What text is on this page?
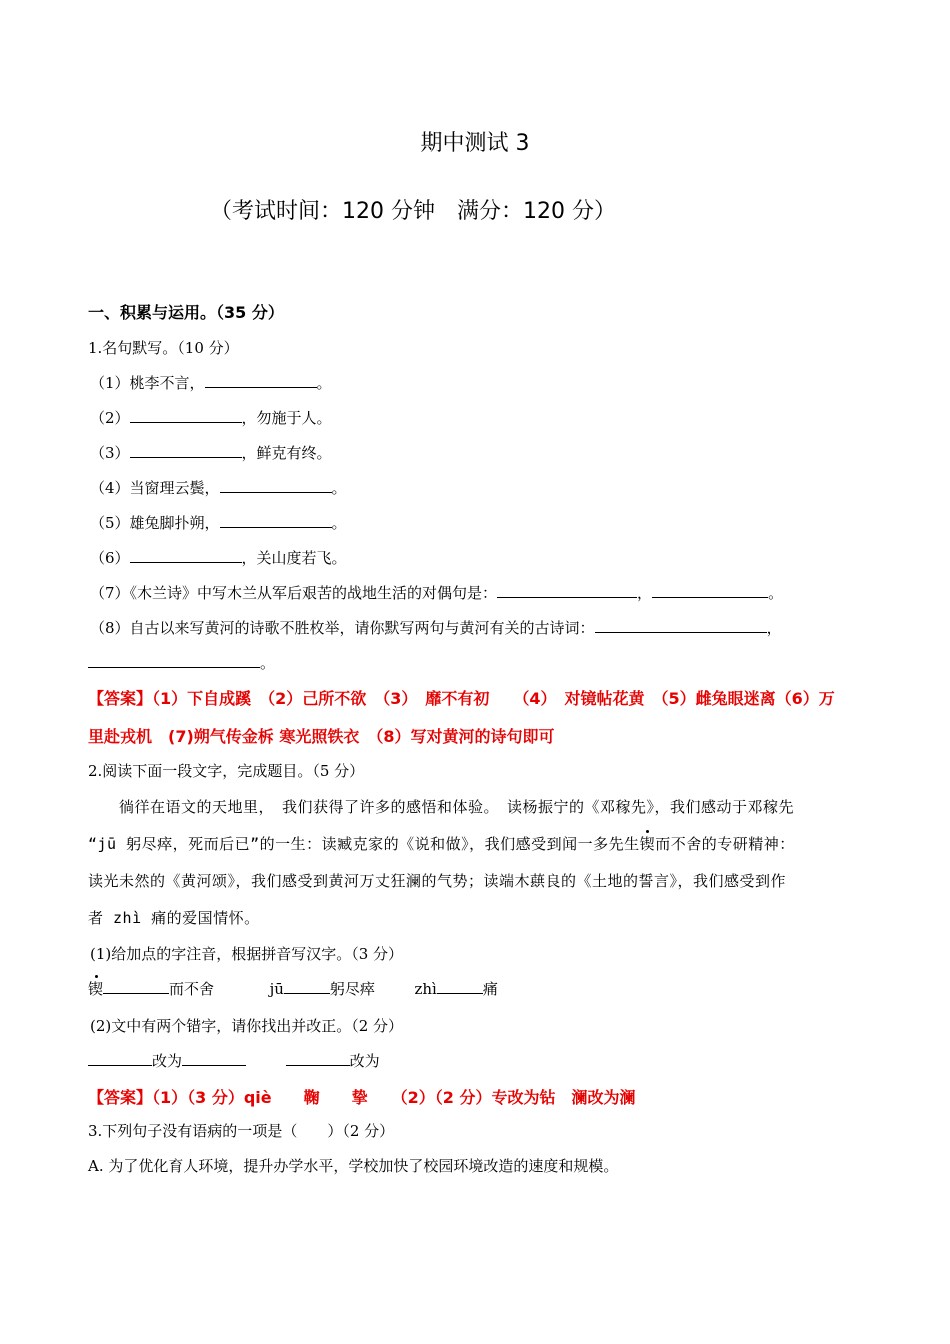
期中测试 3
（考试时间：120 分钟　满分：120 分）
一、积累与运用。（35 分）
1.名句默写。（10 分）
（1）桃李不言，	。
（2）	，勿施于人。
（3）	，鲜克有终。
（4）当窗理云鬓，	。
（5）雄兔脚扑朔，	。
（6）	，关山度若飞。
（7）《木兰诗》中写木兰从军后艰苦的战地生活的对偶句是：	，	。
（8）自古以来写黄河的诗歌不胜枚举，请你默写两句与黄河有关的古诗词：	，
。
【答案】（1）下自成蹊　（2）己所不欲　（3）　靡不有初　　（4）　对镜帖花黄　（5）雌兔眼迷离（6）万
里赴戎机　(7)朔气传金柝 寒光照铁衣　（8）写对黄河的诗句即可
2.阅读下面一段文字，完成题目。（5 分）
　　徜徉在语文的天地里，　我们获得了许多的感悟和体验。　读杨振宁的《邓稼先》，我们感动于邓稼先
“jū 躬尽瘁，死而后已”的一生：读臧克家的《说和做》，我们感受到闻一多先生锲而不舍的专研精神：
读光未然的《黄河颂》，我们感受到黄河万丈狂澜的气势；读端木蕻良的《土地的誓言》，我们感受到作
者 zhì 痛的爱国情怀。
(1)给加点的字注音，根据拼音写汉字。（3 分）
锲	而不舍	jū	躬尽瘁	zhì	痛
(2)文中有两个错字，请你找出并改正。（2 分）
改为	改为
【答案】（1）（3 分）qiè　　鞠　　挚　　（2）（2 分）专改为钻　澜改为澜
3.下列句子没有语病的一项是（　　）（2 分）
A. 为了优化育人环境，提升办学水平，学校加快了校园环境改造的速度和规模。
